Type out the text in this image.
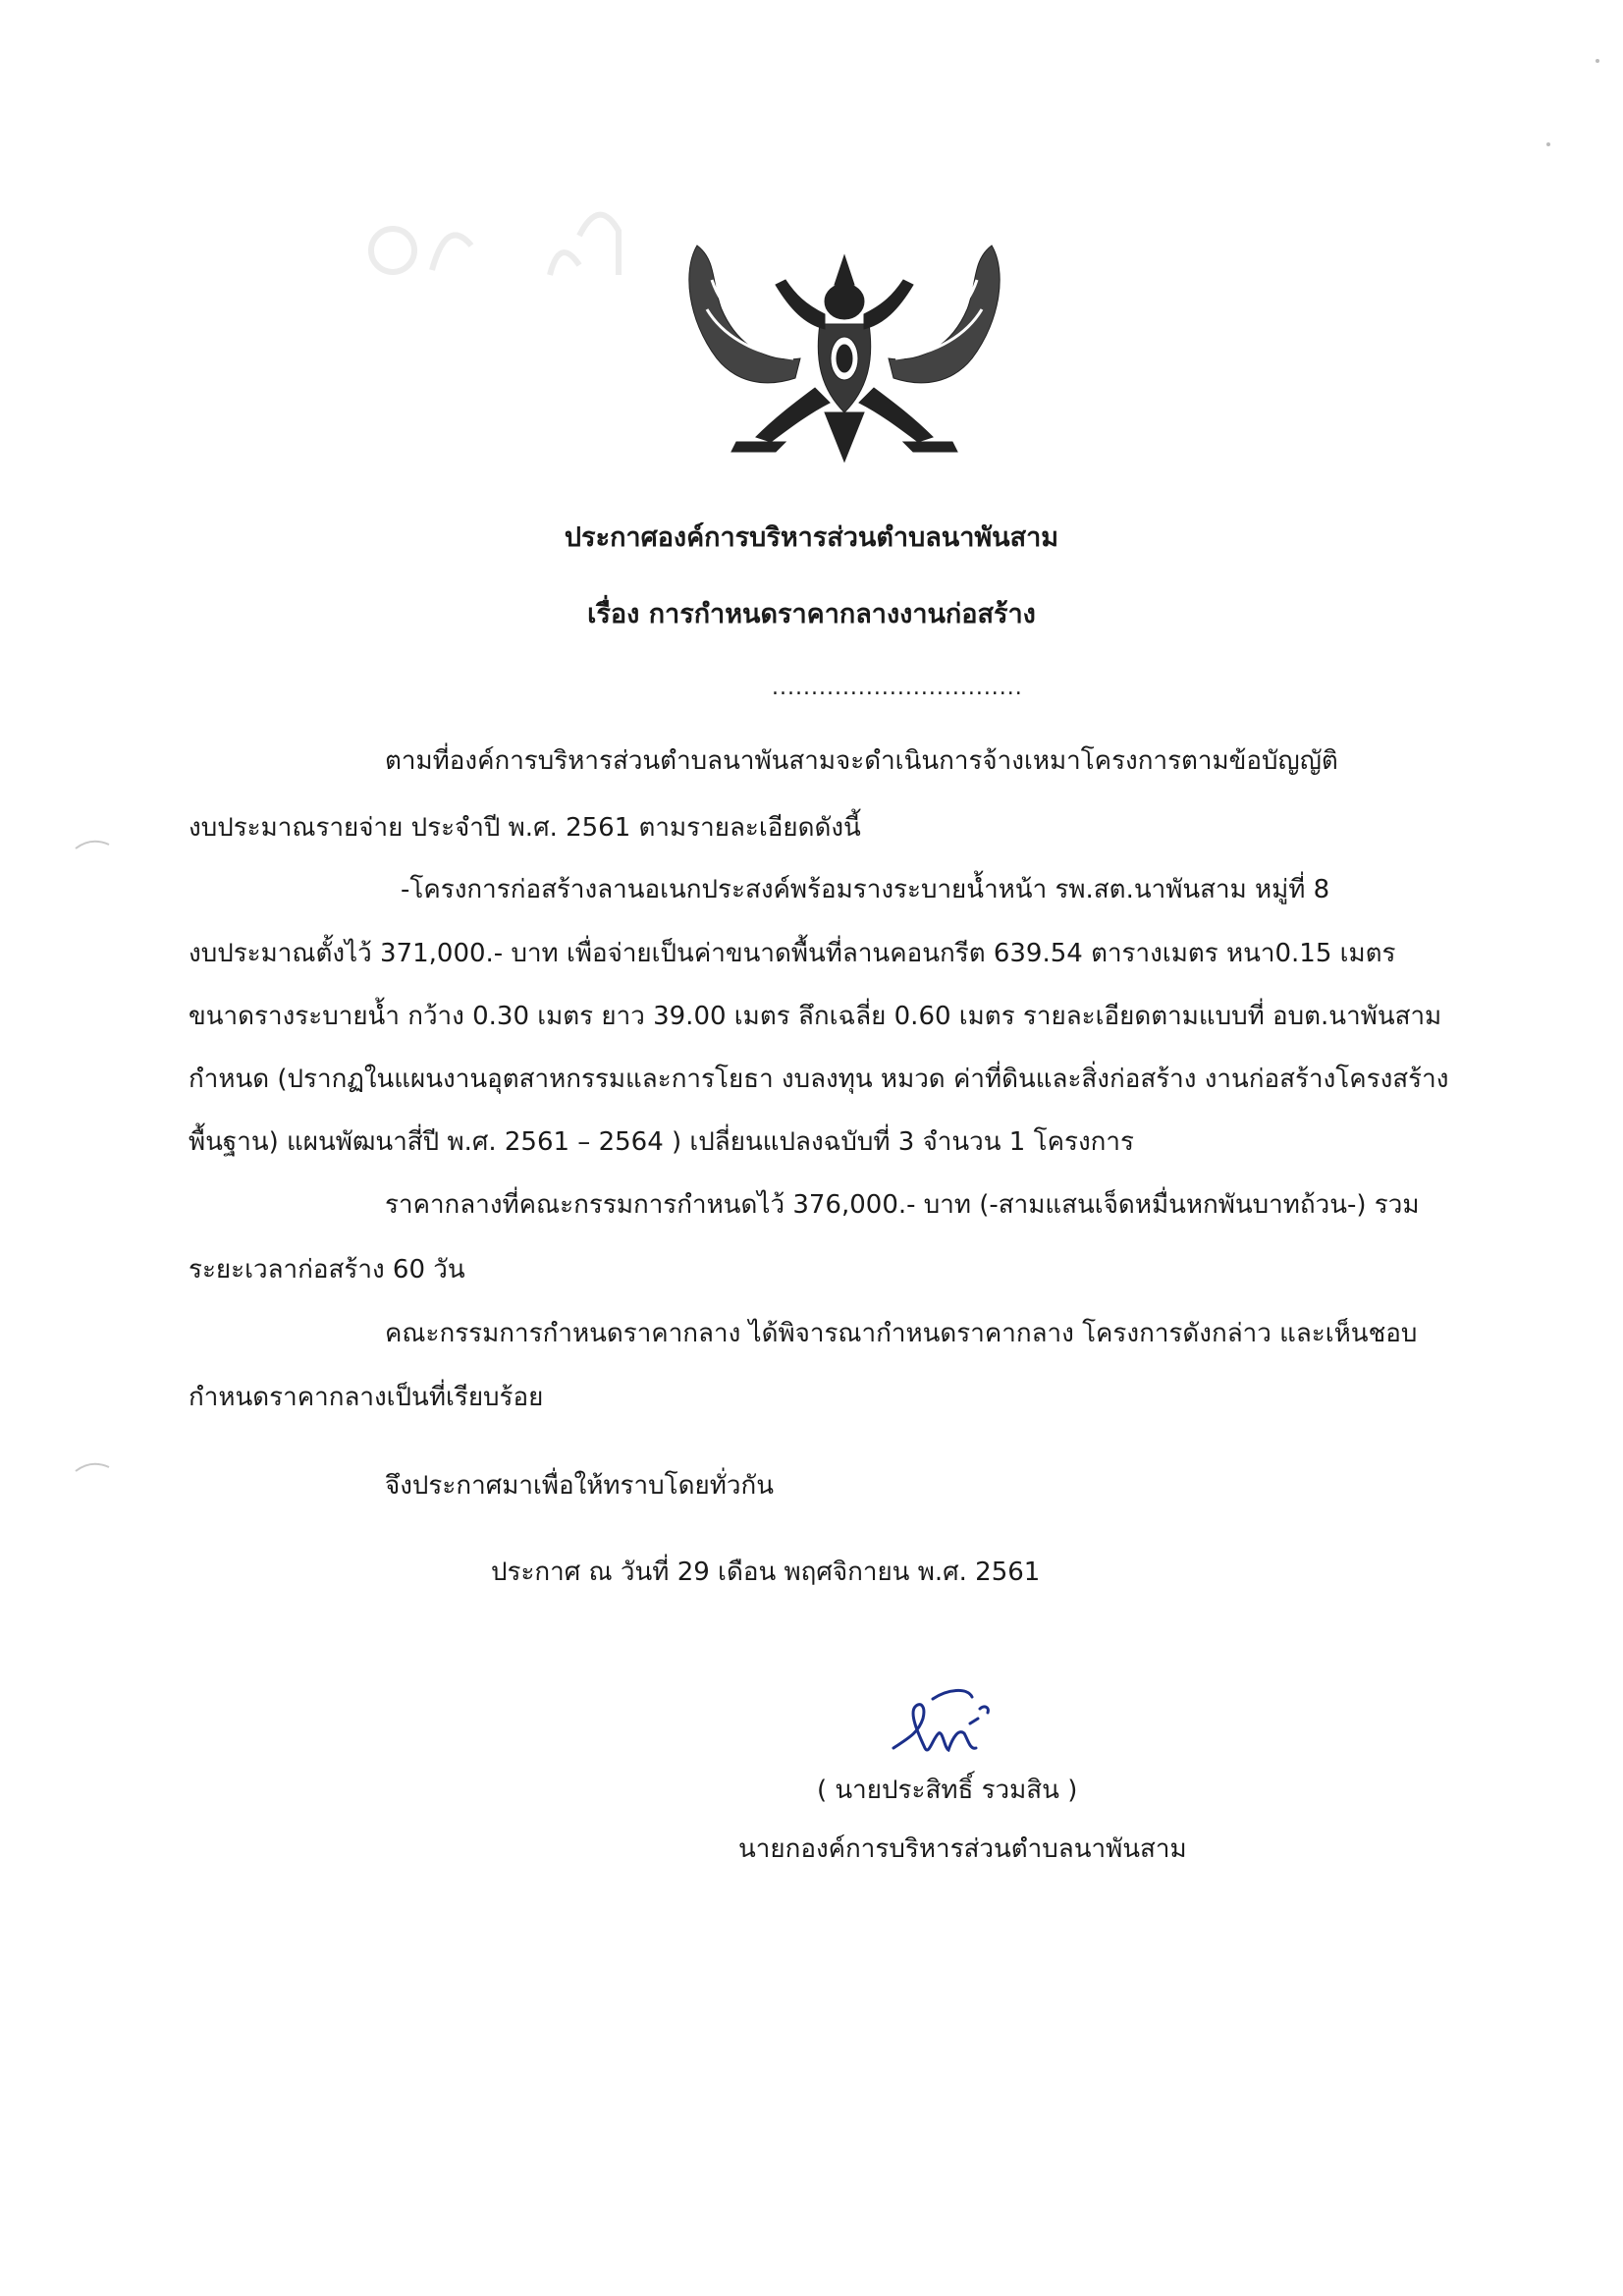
ประกาศองค์การบริหารส่วนตำบลนาพันสาม
เรื่อง การกำหนดราคากลางงานก่อสร้าง
................................
ตามที่องค์การบริหารส่วนตำบลนาพันสามจะดำเนินการจ้างเหมาโครงการตามข้อบัญญัติ
งบประมาณรายจ่าย ประจำปี พ.ศ. 2561 ตามรายละเอียดดังนี้
-โครงการก่อสร้างลานอเนกประสงค์พร้อมรางระบายน้ำหน้า รพ.สต.นาพันสาม หมู่ที่ 8
งบประมาณตั้งไว้ 371,000.- บาท เพื่อจ่ายเป็นค่าขนาดพื้นที่ลานคอนกรีต 639.54 ตารางเมตร หนา0.15 เมตร
ขนาดรางระบายน้ำ กว้าง 0.30 เมตร ยาว 39.00 เมตร ลึกเฉลี่ย 0.60 เมตร รายละเอียดตามแบบที่ อบต.นาพันสาม
กำหนด (ปรากฏในแผนงานอุตสาหกรรมและการโยธา งบลงทุน หมวด ค่าที่ดินและสิ่งก่อสร้าง งานก่อสร้างโครงสร้าง
พื้นฐาน) แผนพัฒนาสี่ปี พ.ศ. 2561 – 2564 ) เปลี่ยนแปลงฉบับที่ 3 จำนวน 1 โครงการ
ราคากลางที่คณะกรรมการกำหนดไว้ 376,000.- บาท (-สามแสนเจ็ดหมื่นหกพันบาทถ้วน-) รวม
ระยะเวลาก่อสร้าง 60 วัน
คณะกรรมการกำหนดราคากลาง ได้พิจารณากำหนดราคากลาง โครงการดังกล่าว และเห็นชอบ
กำหนดราคากลางเป็นที่เรียบร้อย
จึงประกาศมาเพื่อให้ทราบโดยทั่วกัน
ประกาศ ณ วันที่ 29 เดือน พฤศจิกายน พ.ศ. 2561
( นายประสิทธิ์ รวมสิน )
นายกองค์การบริหารส่วนตำบลนาพันสาม
